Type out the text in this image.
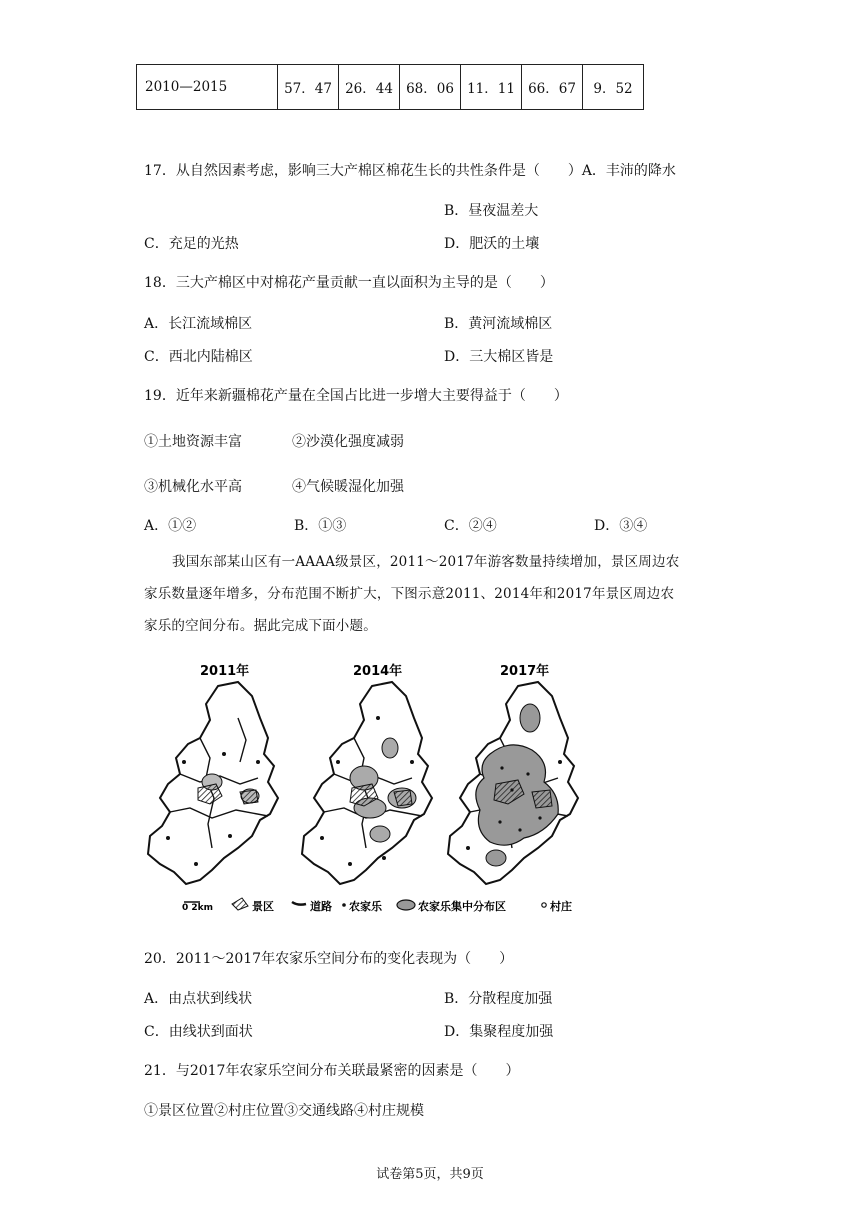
2010—2015	57．47	26．44	68．06	11．11	66．67	9．52
17．从自然因素考虑，影响三大产棉区棉花生长的共性条件是（　　）A．丰沛的降水
B．昼夜温差大
C．充足的光热	D．肥沃的土壤
18．三大产棉区中对棉花产量贡献一直以面积为主导的是（　　）
A．长江流域棉区	B．黄河流域棉区
C．西北内陆棉区	D．三大棉区皆是
19．近年来新疆棉花产量在全国占比进一步增大主要得益于（　　）
①土地资源丰富	②沙漠化强度减弱
③机械化水平高	④气候暖湿化加强
A．①②	B．①③	C．②④	D．③④
我国东部某山区有一AAAA级景区，2011～2017年游客数量持续增加，景区周边农
家乐数量逐年增多，分布范围不断扩大，下图示意2011、2014年和2017年景区周边农
家乐的空间分布。据此完成下面小题。
2011年	2014年	2017年
0 2km	景区	道路 农家乐	农家乐集中分布区	村庄
20．2011～2017年农家乐空间分布的变化表现为（　　）
A．由点状到线状	B．分散程度加强
C．由线状到面状	D．集聚程度加强
21．与2017年农家乐空间分布关联最紧密的因素是（　　）
①景区位置②村庄位置③交通线路④村庄规模
试卷第5页，共9页
